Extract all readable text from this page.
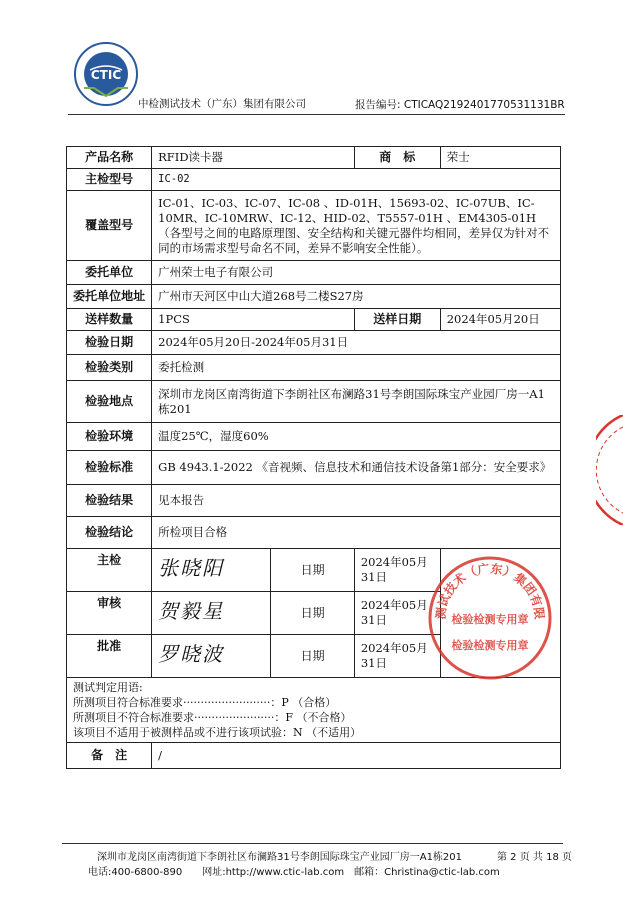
CTIC
中检测试技术（广东）集团有限公司	报告编号: CTICAQ2192401770531131BR
产品名称	RFID读卡器		商　标	荣士
主检型号	IC-02			
覆盖型号	IC-01、IC-03、IC-07、IC-08 、ID-01H、15693-02、IC-07UB、IC-10MR、IC-10MRW、IC-12、HID-02、T5557-01H 、EM4305-01H（各型号之间的电路原理图、安全结构和关键元器件均相同，差异仅为针对不同的市场需求型号命名不同，差异不影响安全性能）。			
委托单位	广州荣士电子有限公司			
委托单位地址	广州市天河区中山大道268号二楼S27房			
送样数量	1PCS		送样日期	2024年05月20日
检验日期	2024年05月20日-2024年05月31日			
检验类别	委托检测			
检验地点	深圳市龙岗区南湾街道下李朗社区布澜路31号李朗国际珠宝产业园厂房一A1栋201			
检验环境	温度25℃，湿度60%			
检验标准	GB 4943.1-2022 《音视频、信息技术和通信技术设备第1部分：安全要求》			
检验结果	见本报告			
检验结论	所检项目合格			

主检	张晓阳	日期	2024年05月31日	

审核	贺毅星	日期	2024年05月31日	

批准	罗晓波	日期	2024年05月31日	

测试判定用语:
所测项目符合标准要求·························：P （合格）
所测项目不符合标准要求·······················：F （不合格）
该项目不适用于被测样品或不进行该项试验：N （不适用）				

备　注	/			
测试技术（广东）集团有限
检验检测专用章
检验检测专用章
深圳市龙岗区南湾街道下李朗社区布澜路31号李朗国际珠宝产业园厂房一A1栋201	第 2 页 共 18 页
电话:400-6800-890　　网址:http://www.ctic-lab.com　邮箱：Christina@ctic-lab.com
